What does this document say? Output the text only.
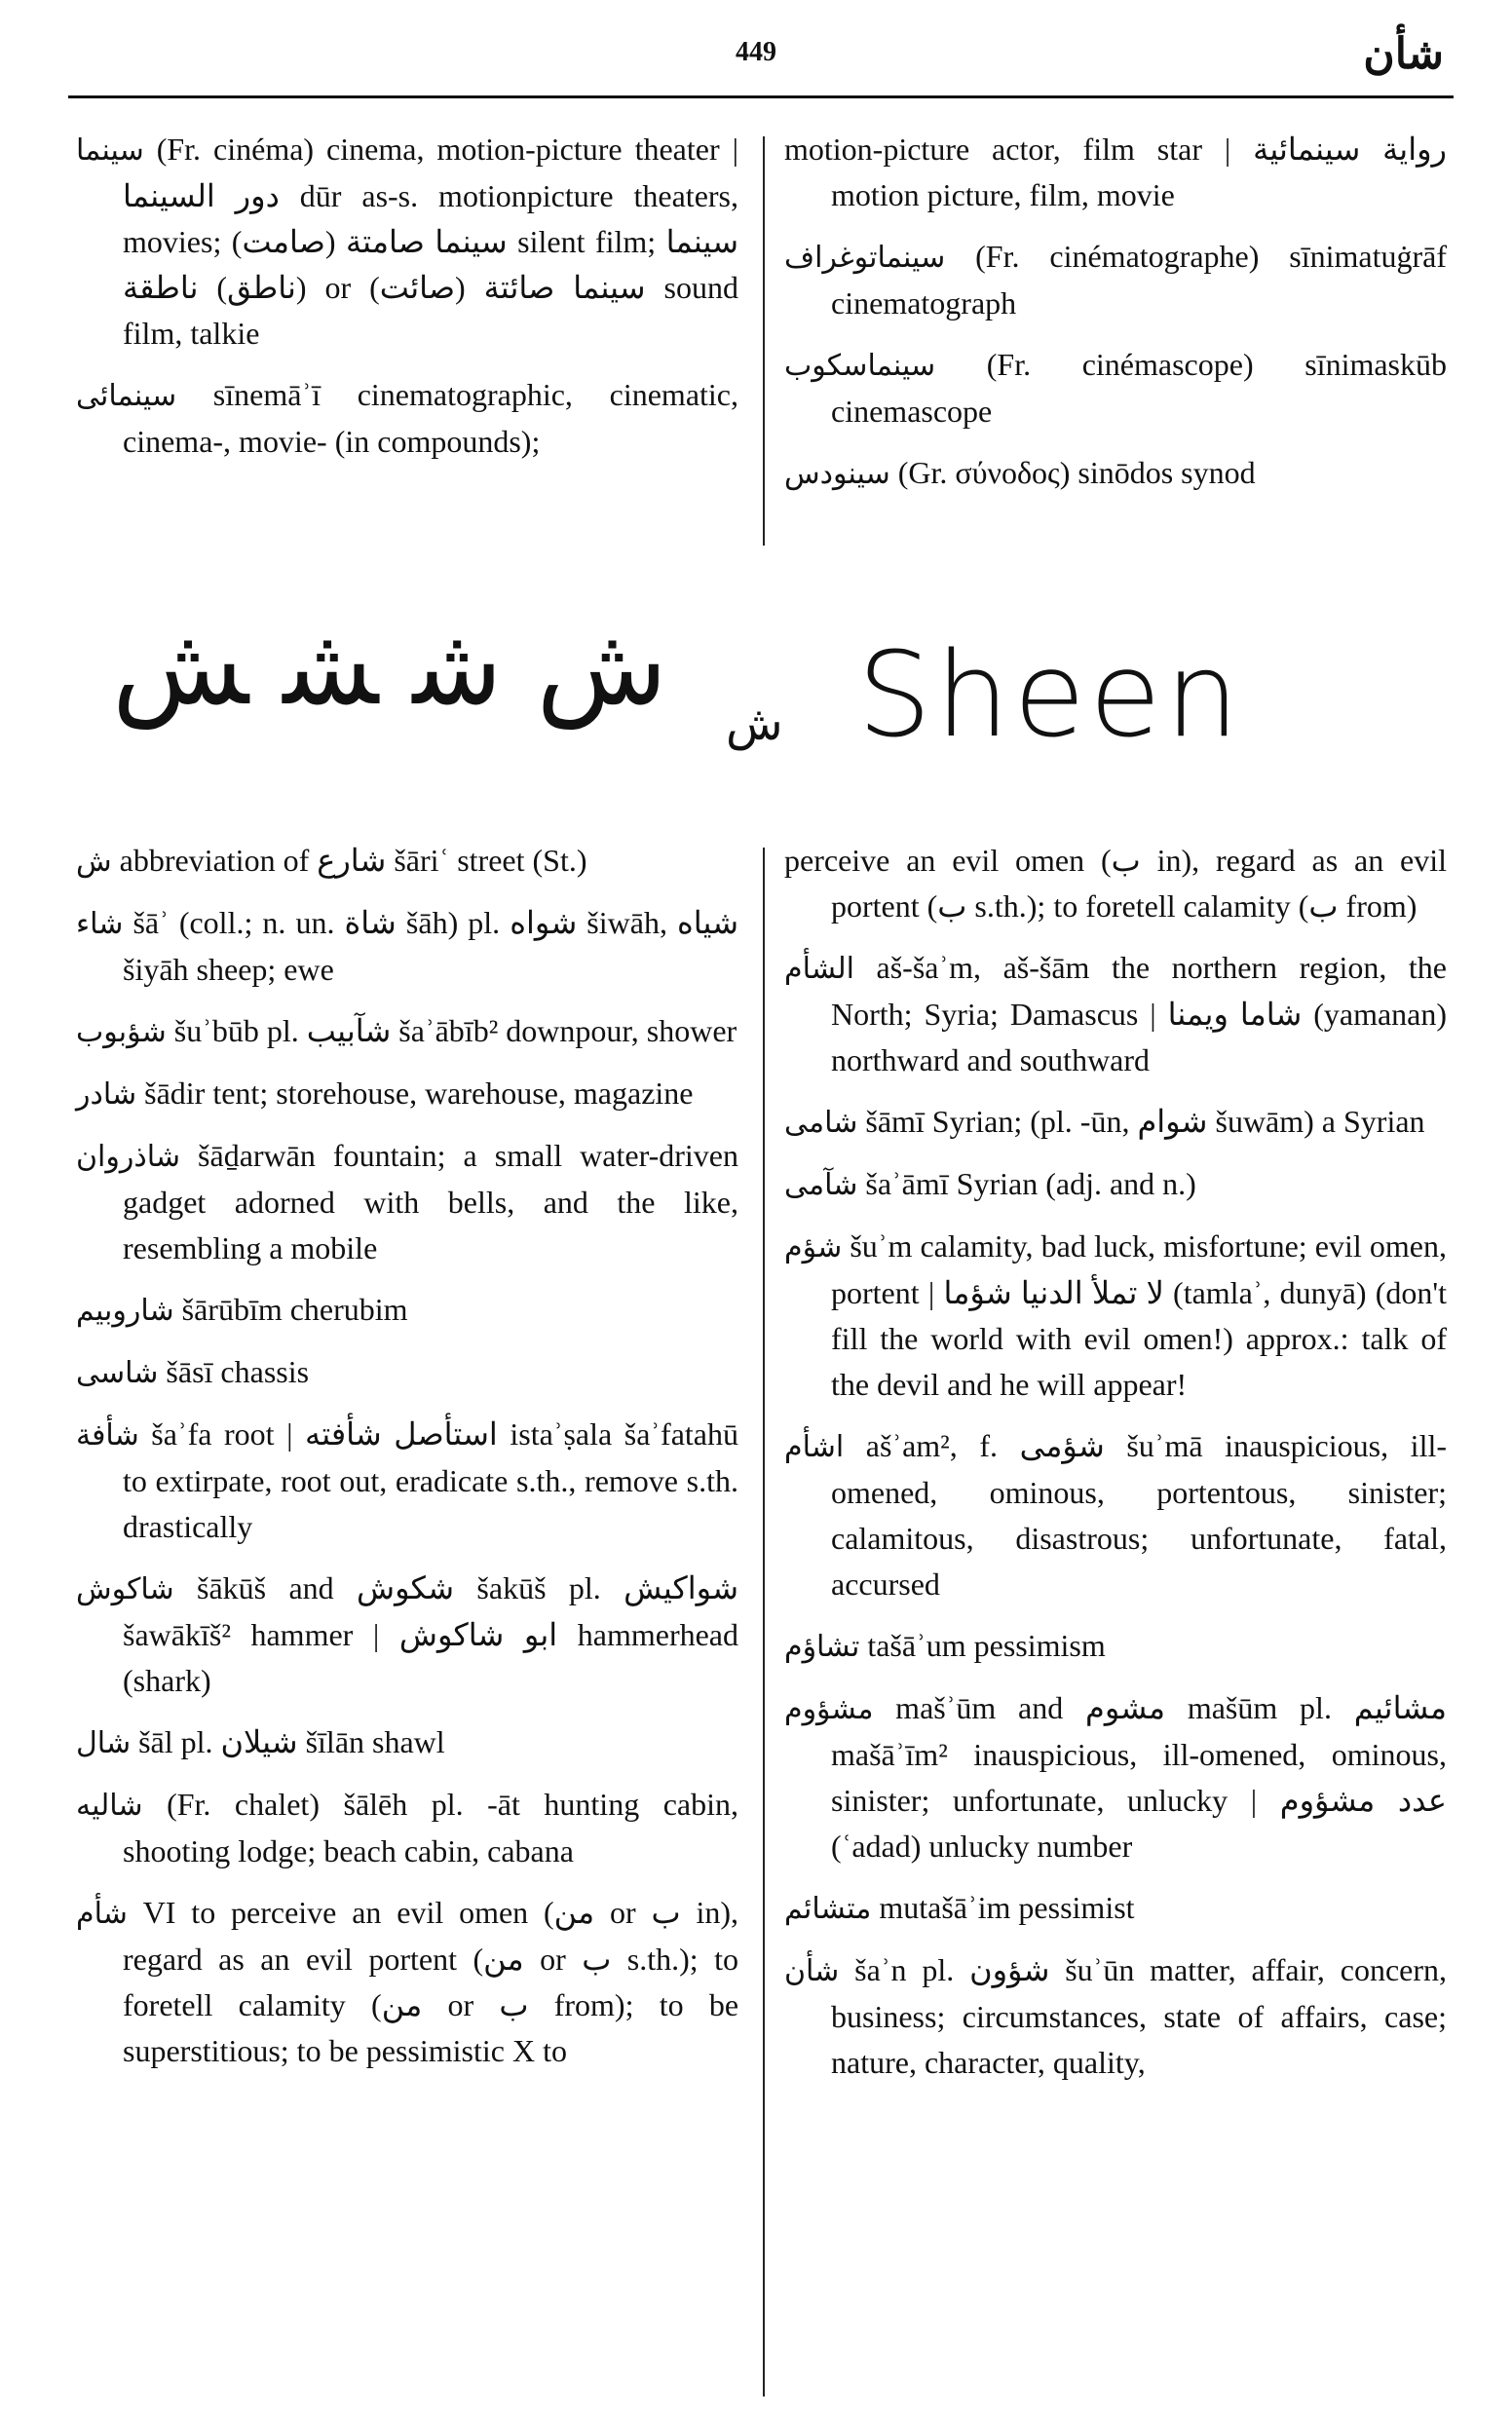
449	شأن

سينما (Fr. cinéma) cinema, motion-picture theater | دور السينما dūr as-s. motionpicture theaters, movies; سينما صامتة (صامت) silent film; سينما (ناطق) ناطقة or (صائت) سينما صائتة sound film, talkie

سينمائى sīnemāʾī cinematographic, cinematic, cinema-, movie- (in compounds);

motion-picture actor, film star | رواية سينمائية motion picture, film, movie

سينماتوغراف (Fr. cinématographe) sīnimatuġrāf cinematograph

سينماسكوب (Fr. cinémascope) sīnimaskūb cinemascope

سينودس (Gr. σύνοδος) sinōdos synod

ش ﺷ ﺸ ﺶ	ش Sheen

ش abbreviation of شارع šāriʿ street (St.)

شاء šāʾ (coll.; n. un. شاة šāh) pl. شواه šiwāh, شياه šiyāh sheep; ewe

شؤبوب šuʾbūb pl. شآبيب šaʾābīb² downpour, shower

شادر šādir tent; storehouse, warehouse, magazine

شاذروان šāḏarwān fountain; a small water-driven gadget adorned with bells, and the like, resembling a mobile

شاروبيم šārūbīm cherubim

شاسى šāsī chassis

شأفة šaʾfa root | استأصل شأفته istaʾṣala šaʾfatahū to extirpate, root out, eradicate s.th., remove s.th. drastically

شاكوش šākūš and شكوش šakūš pl. شواكيش šawākīš² hammer | ابو شاكوش hammerhead (shark)

شال šāl pl. شيلان šīlān shawl

شاليه (Fr. chalet) šālēh pl. -āt hunting cabin, shooting lodge; beach cabin, cabana

شأم VI to perceive an evil omen (من or ب in), regard as an evil portent (من or ب s.th.); to foretell calamity (من or ب from); to be superstitious; to be pessimistic X to

perceive an evil omen (ب in), regard as an evil portent (ب s.th.); to foretell calamity (ب from)

الشأم aš-šaʾm, aš-šām the northern region, the North; Syria; Damascus | شاما ويمنا (yamanan) northward and southward

شامى šāmī Syrian; (pl. -ūn, شوام šuwām) a Syrian

شآمى šaʾāmī Syrian (adj. and n.)

شؤم šuʾm calamity, bad luck, misfortune; evil omen, portent | لا تملأ الدنيا شؤما (tamlaʾ, dunyā) (don't fill the world with evil omen!) approx.: talk of the devil and he will appear!

اشأم ašʾam², f. شؤمى šuʾmā inauspicious, ill-omened, ominous, portentous, sinister; calamitous, disastrous; unfortunate, fatal, accursed

تشاؤم tašāʾum pessimism

مشؤوم mašʾūm and مشوم mašūm pl. مشائيم mašāʾīm² inauspicious, ill-omened, ominous, sinister; unfortunate, unlucky | عدد مشؤوم (ʿadad) unlucky number

متشائم mutašāʾim pessimist

شأن šaʾn pl. شؤون šuʾūn matter, affair, concern, business; circumstances, state of affairs, case; nature, character, quality,
